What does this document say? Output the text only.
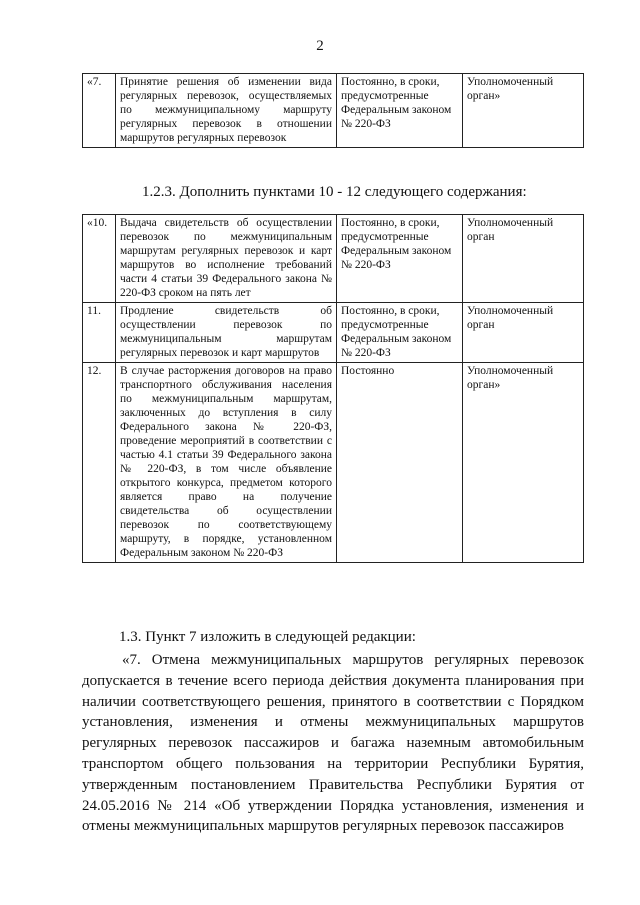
2
«7.	Принятие решения об изменении вида регулярных перевозок, осуществляемых по межмуниципальному маршруту регулярных перевозок в отношении маршрутов регулярных перевозок	Постоянно, в сроки, предусмотренные Федеральным законом № 220-ФЗ	Уполномоченный орган»
1.2.3. Дополнить пунктами 10 - 12 следующего содержания:
«10.	Выдача свидетельств об осуществлении перевозок по межмуниципальным маршрутам регулярных перевозок и карт маршрутов во исполнение требований части 4 статьи 39 Федерального закона № 220-ФЗ сроком на пять лет	Постоянно, в сроки, предусмотренные Федеральным законом № 220-ФЗ	Уполномоченный орган
11.	Продление свидетельств об осуществлении перевозок по межмуниципальным маршрутам регулярных перевозок и карт маршрутов	Постоянно, в сроки, предусмотренные Федеральным законом № 220-ФЗ	Уполномоченный орган
12.	В случае расторжения договоров на право транспортного обслуживания населения по межмуниципальным маршрутам, заключенных до вступления в силу Федерального закона № 220-ФЗ, проведение мероприятий в соответствии с частью 4.1 статьи 39 Федерального закона № 220-ФЗ, в том числе объявление открытого конкурса, предметом которого является право на получение свидетельства об осуществлении перевозок по соответствующему маршруту, в порядке, установленном Федеральным законом № 220-ФЗ	Постоянно	Уполномоченный орган»
1.3. Пункт 7 изложить в следующей редакции:

«7. Отмена межмуниципальных маршрутов регулярных перевозок допускается в течение всего периода действия документа планирования при наличии соответствующего решения, принятого в соответствии с Порядком установления, изменения и отмены межмуниципальных маршрутов регулярных перевозок пассажиров и багажа наземным автомобильным транспортом общего пользования на территории Республики Бурятия, утвержденным постановлением Правительства Республики Бурятия от 24.05.2016 № 214 «Об утверждении Порядка установления, изменения и отмены межмуниципальных маршрутов регулярных перевозок пассажиров
